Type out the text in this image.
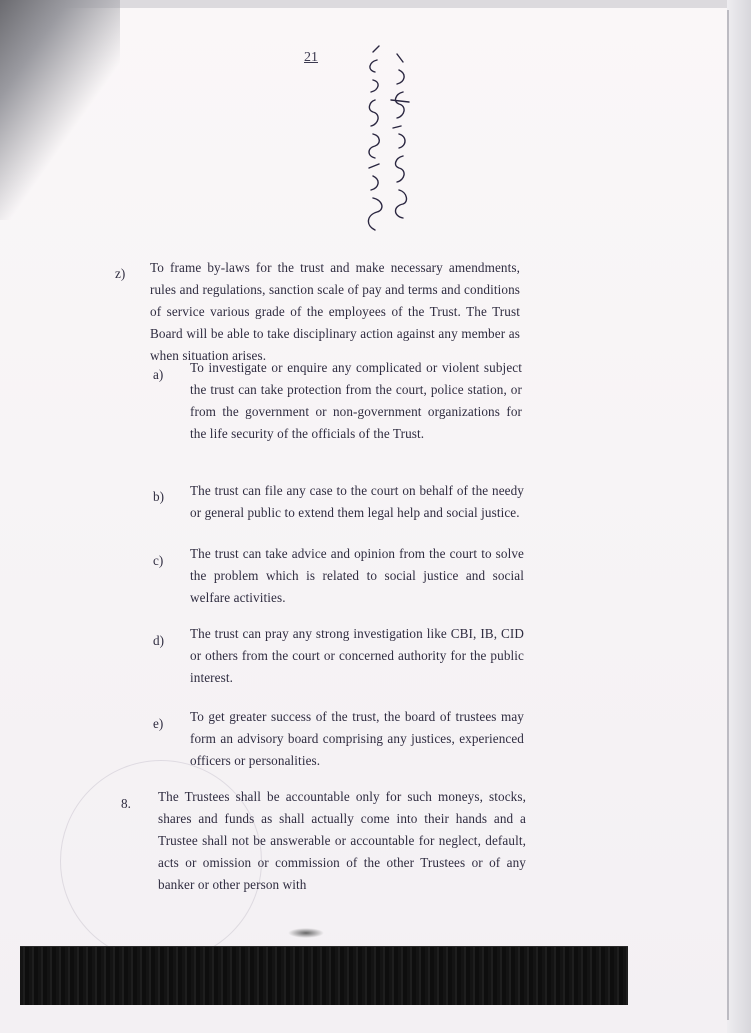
21
z) To frame by-laws for the trust and make necessary amendments, rules and regulations, sanction scale of pay and terms and conditions of service various grade of the employees of the Trust. The Trust Board will be able to take disciplinary action against any member as when situation arises.
a) To investigate or enquire any complicated or violent subject the trust can take protection from the court, police station, or from the government or non-government organizations for the life security of the officials of the Trust.
b) The trust can file any case to the court on behalf of the needy or general public to extend them legal help and social justice.
c) The trust can take advice and opinion from the court to solve the problem which is related to social justice and social welfare activities.
d) The trust can pray any strong investigation like CBI, IB, CID or others from the court or concerned authority for the public interest.
e) To get greater success of the trust, the board of trustees may form an advisory board comprising any justices, experienced officers or personalities.
8. The Trustees shall be accountable only for such moneys, stocks, shares and funds as shall actually come into their hands and a Trustee shall not be answerable or accountable for neglect, default, acts or omission or commission of the other Trustees or of any banker or other person with
